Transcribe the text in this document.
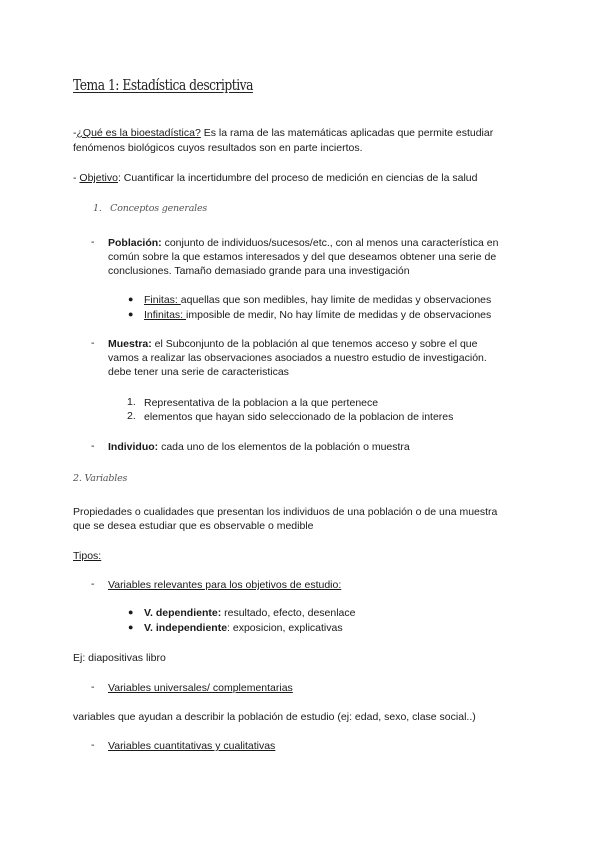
Tema 1: Estadística descriptiva
-¿Qué es la bioestadística? Es la rama de las matemáticas aplicadas que permite estudiar
fenómenos biológicos cuyos resultados son en parte inciertos.
- Objetivo: Cuantificar la incertidumbre del proceso de medición en ciencias de la salud
1. Conceptos generales
- Población: conjunto de individuos/sucesos/etc., con al menos una característica en
común sobre la que estamos interesados y del que deseamos obtener una serie de
conclusiones. Tamaño demasiado grande para una investigación
● Finitas: aquellas que son medibles, hay limite de medidas y observaciones
● Infinitas: imposible de medir, No hay límite de medidas y de observaciones
- Muestra: el Subconjunto de la población al que tenemos acceso y sobre el que
vamos a realizar las observaciones asociados a nuestro estudio de investigación.
debe tener una serie de caracteristicas
1. Representativa de la poblacion a la que pertenece
2. elementos que hayan sido seleccionado de la poblacion de interes
- Individuo: cada uno de los elementos de la población o muestra
2. Variables
Propiedades o cualidades que presentan los individuos de una población o de una muestra
que se desea estudiar que es observable o medible
Tipos:
- Variables relevantes para los objetivos de estudio:
● V. dependiente: resultado, efecto, desenlace
● V. independiente: exposicion, explicativas
Ej: diapositivas libro
- Variables universales/ complementarias
variables que ayudan a describir la población de estudio (ej: edad, sexo, clase social..)
- Variables cuantitativas y cualitativas
